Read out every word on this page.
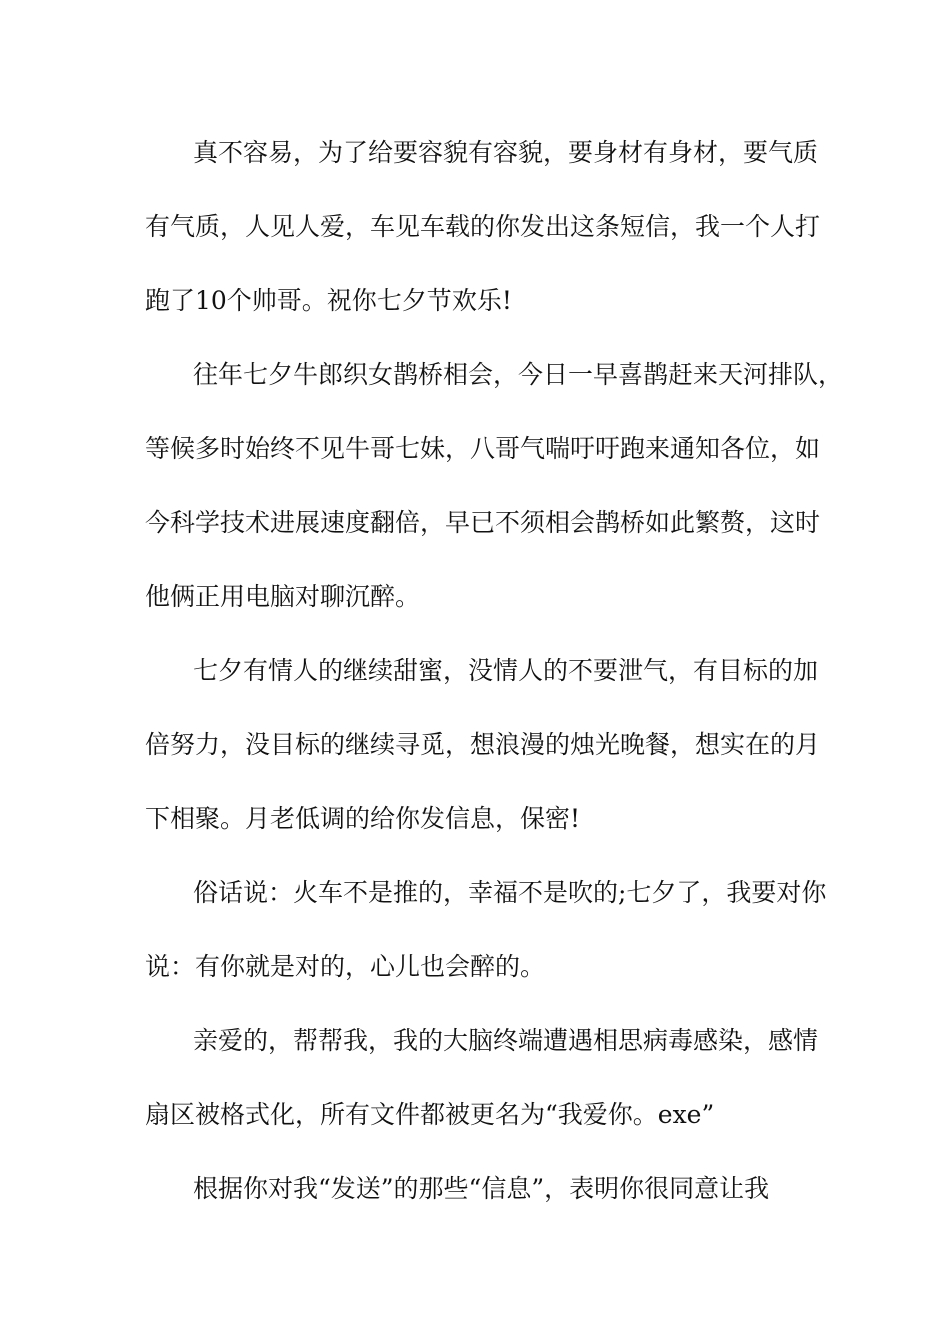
真不容易，为了给要容貌有容貌，要身材有身材，要气质
有气质，人见人爱，车见车载的你发出这条短信，我一个人打
跑了10个帅哥。祝你七夕节欢乐!
往年七夕牛郎织女鹊桥相会，今日一早喜鹊赶来天河排队，
等候多时始终不见牛哥七妹，八哥气喘吁吁跑来通知各位，如
今科学技术进展速度翻倍，早已不须相会鹊桥如此繁赘，这时
他俩正用电脑对聊沉醉。
七夕有情人的继续甜蜜，没情人的不要泄气，有目标的加
倍努力，没目标的继续寻觅，想浪漫的烛光晚餐，想实在的月
下相聚。月老低调的给你发信息，保密!
俗话说：火车不是推的，幸福不是吹的;七夕了，我要对你
说：有你就是对的，心儿也会醉的。
亲爱的，帮帮我，我的大脑终端遭遇相思病毒感染，感情
扇区被格式化，所有文件都被更名为“我爱你。exe”
根据你对我“发送”的那些“信息”，表明你很同意让我
